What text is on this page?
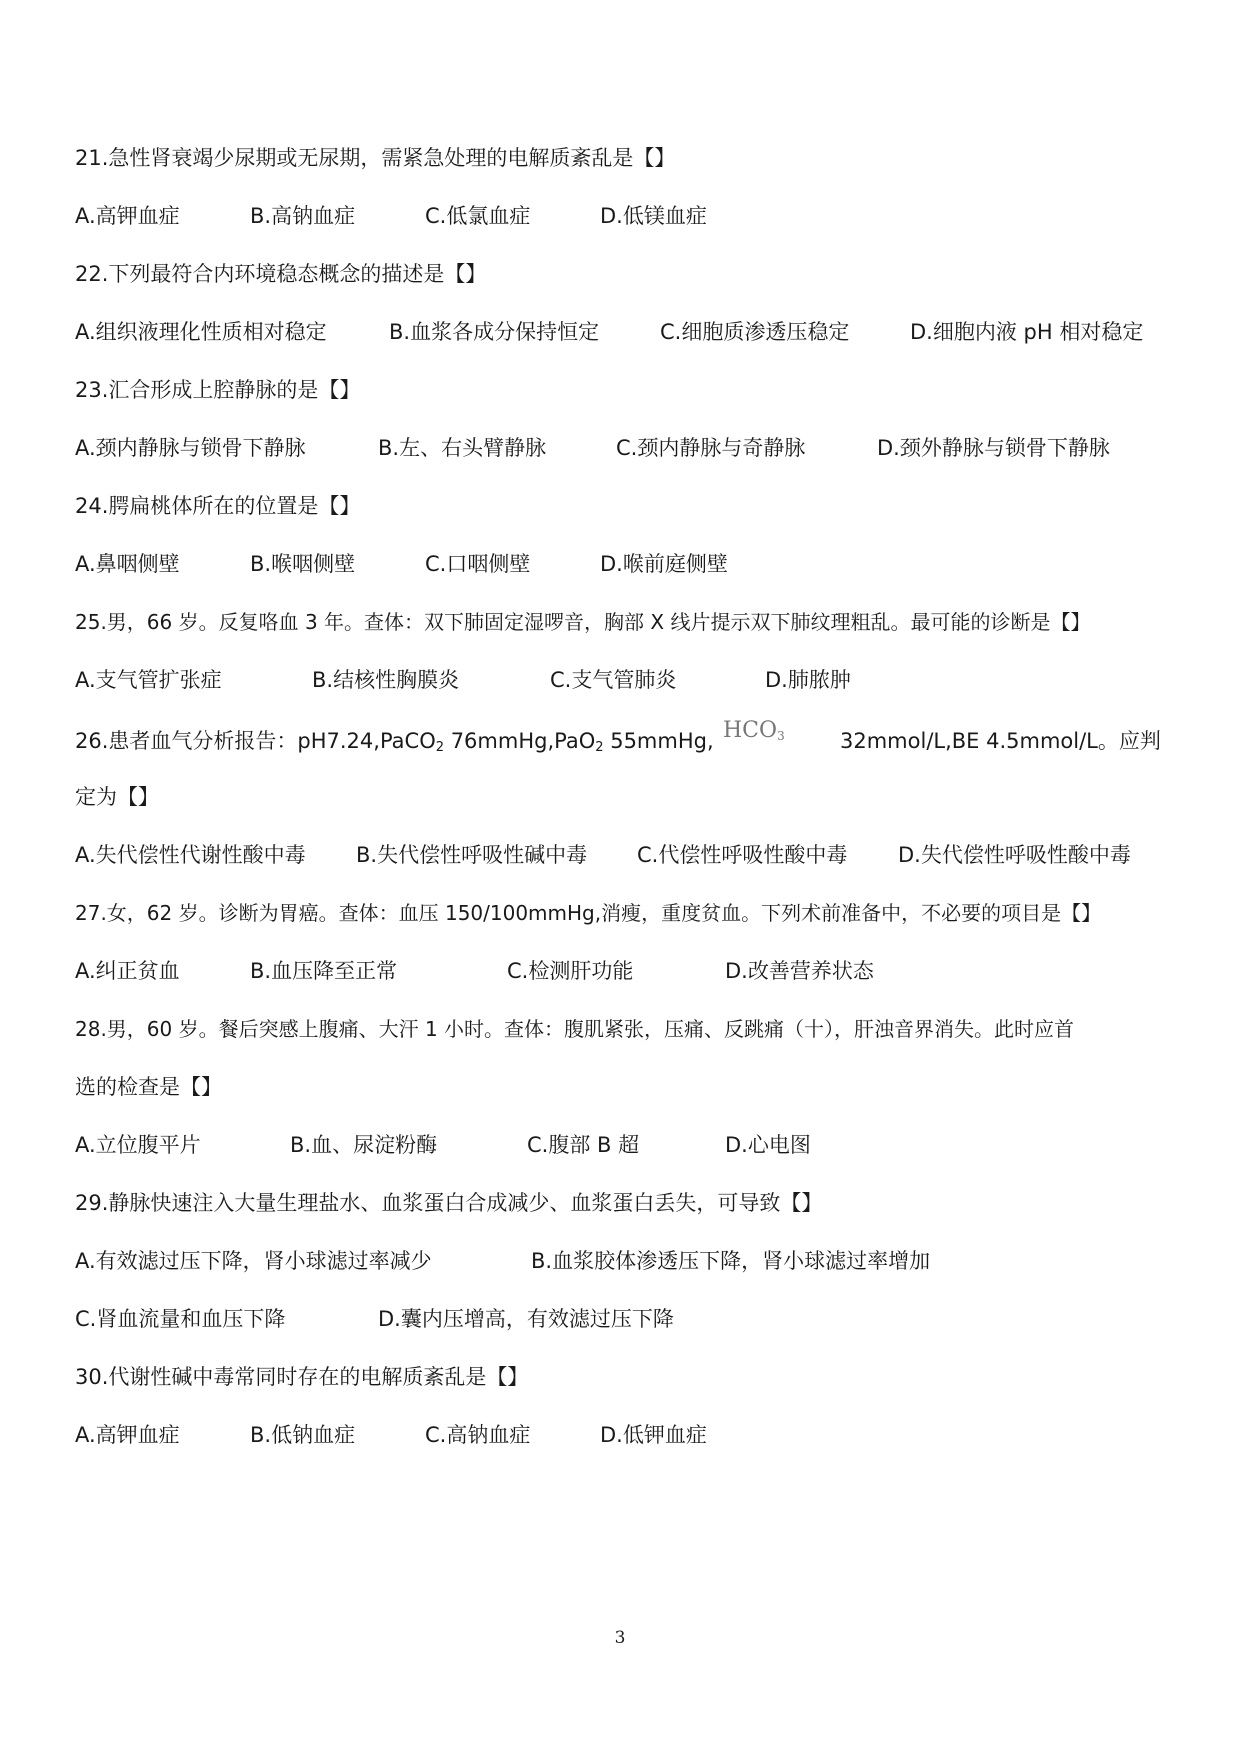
21.急性肾衰竭少尿期或无尿期，需紧急处理的电解质紊乱是【】
A.高钾血症	B.高钠血症	C.低氯血症	D.低镁血症
22.下列最符合内环境稳态概念的描述是【】
A.组织液理化性质相对稳定	B.血浆各成分保持恒定	C.细胞质渗透压稳定	D.细胞内液 pH 相对稳定
23.汇合形成上腔静脉的是【】
A.颈内静脉与锁骨下静脉	B.左、右头臂静脉	C.颈内静脉与奇静脉	D.颈外静脉与锁骨下静脉
24.腭扁桃体所在的位置是【】
A.鼻咽侧壁	B.喉咽侧壁	C.口咽侧壁	D.喉前庭侧壁
25.男，66 岁。反复咯血 3 年。查体：双下肺固定湿啰音，胸部 X 线片提示双下肺纹理粗乱。最可能的诊断是【】
A.支气管扩张症	B.结核性胸膜炎	C.支气管肺炎	D.肺脓肿
26.患者血气分析报告：pH7.24,PaCO$_2$ 76mmHg,PaO$_2$ 55mmHg, $HCO_3$	32mmol/L,BE 4.5mmol/L。应判
定为【】
A.失代偿性代谢性酸中毒 B.失代偿性呼吸性碱中毒 C.代偿性呼吸性酸中毒 D.失代偿性呼吸性酸中毒
27.女，62 岁。诊断为胃癌。查体：血压 150/100mmHg,消瘦，重度贫血。下列术前准备中，不必要的项目是【】
A.纠正贫血	B.血压降至正常	C.检测肝功能	D.改善营养状态
28.男，60 岁。餐后突感上腹痛、大汗 1 小时。查体：腹肌紧张，压痛、反跳痛（十），肝浊音界消失。此时应首
选的检查是【】
A.立位腹平片	B.血、尿淀粉酶	C.腹部 B 超	D.心电图
29.静脉快速注入大量生理盐水、血浆蛋白合成减少、血浆蛋白丢失，可导致【】
A.有效滤过压下降，肾小球滤过率减少	B.血浆胶体渗透压下降，肾小球滤过率增加
C.肾血流量和血压下降	D.囊内压增高，有效滤过压下降
30.代谢性碱中毒常同时存在的电解质紊乱是【】
A.高钾血症	B.低钠血症	C.高钠血症	D.低钾血症
3
